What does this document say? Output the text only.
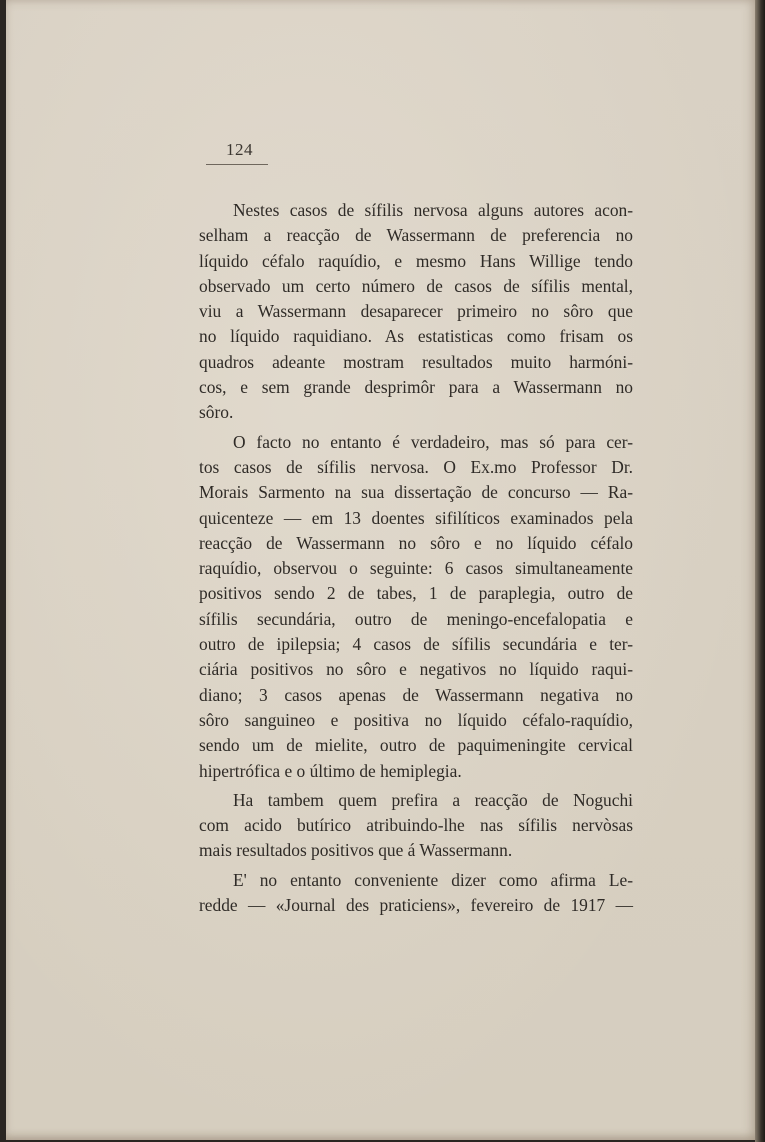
124
Nestes casos de sífilis nervosa alguns autores acon-
selham a reacção de Wassermann de preferencia no
líquido céfalo raquídio, e mesmo Hans Willige tendo
observado um certo número de casos de sífilis mental,
viu a Wassermann desaparecer primeiro no sôro que
no líquido raquidiano. As estatisticas como frisam os
quadros adeante mostram resultados muito harmóni-
cos, e sem grande desprimôr para a Wassermann no
sôro.
O facto no entanto é verdadeiro, mas só para cer-
tos casos de sífilis nervosa. O Ex.mo Professor Dr.
Morais Sarmento na sua dissertação de concurso — Ra-
quicenteze — em 13 doentes sifilíticos examinados pela
reacção de Wassermann no sôro e no líquido céfalo
raquídio, observou o seguinte: 6 casos simultaneamente
positivos sendo 2 de tabes, 1 de paraplegia, outro de
sífilis secundária, outro de meningo-encefalopatia e
outro de ipilepsia; 4 casos de sífilis secundária e ter-
ciária positivos no sôro e negativos no líquido raqui-
diano; 3 casos apenas de Wassermann negativa no
sôro sanguineo e positiva no líquido céfalo-raquídio,
sendo um de mielite, outro de paquimeningite cervical
hipertrófica e o último de hemiplegia.
Ha tambem quem prefira a reacção de Noguchi
com acido butírico atribuindo-lhe nas sífilis nervòsas
mais resultados positivos que á Wassermann.
E' no entanto conveniente dizer como afirma Le-
redde — «Journal des praticiens», fevereiro de 1917 —
